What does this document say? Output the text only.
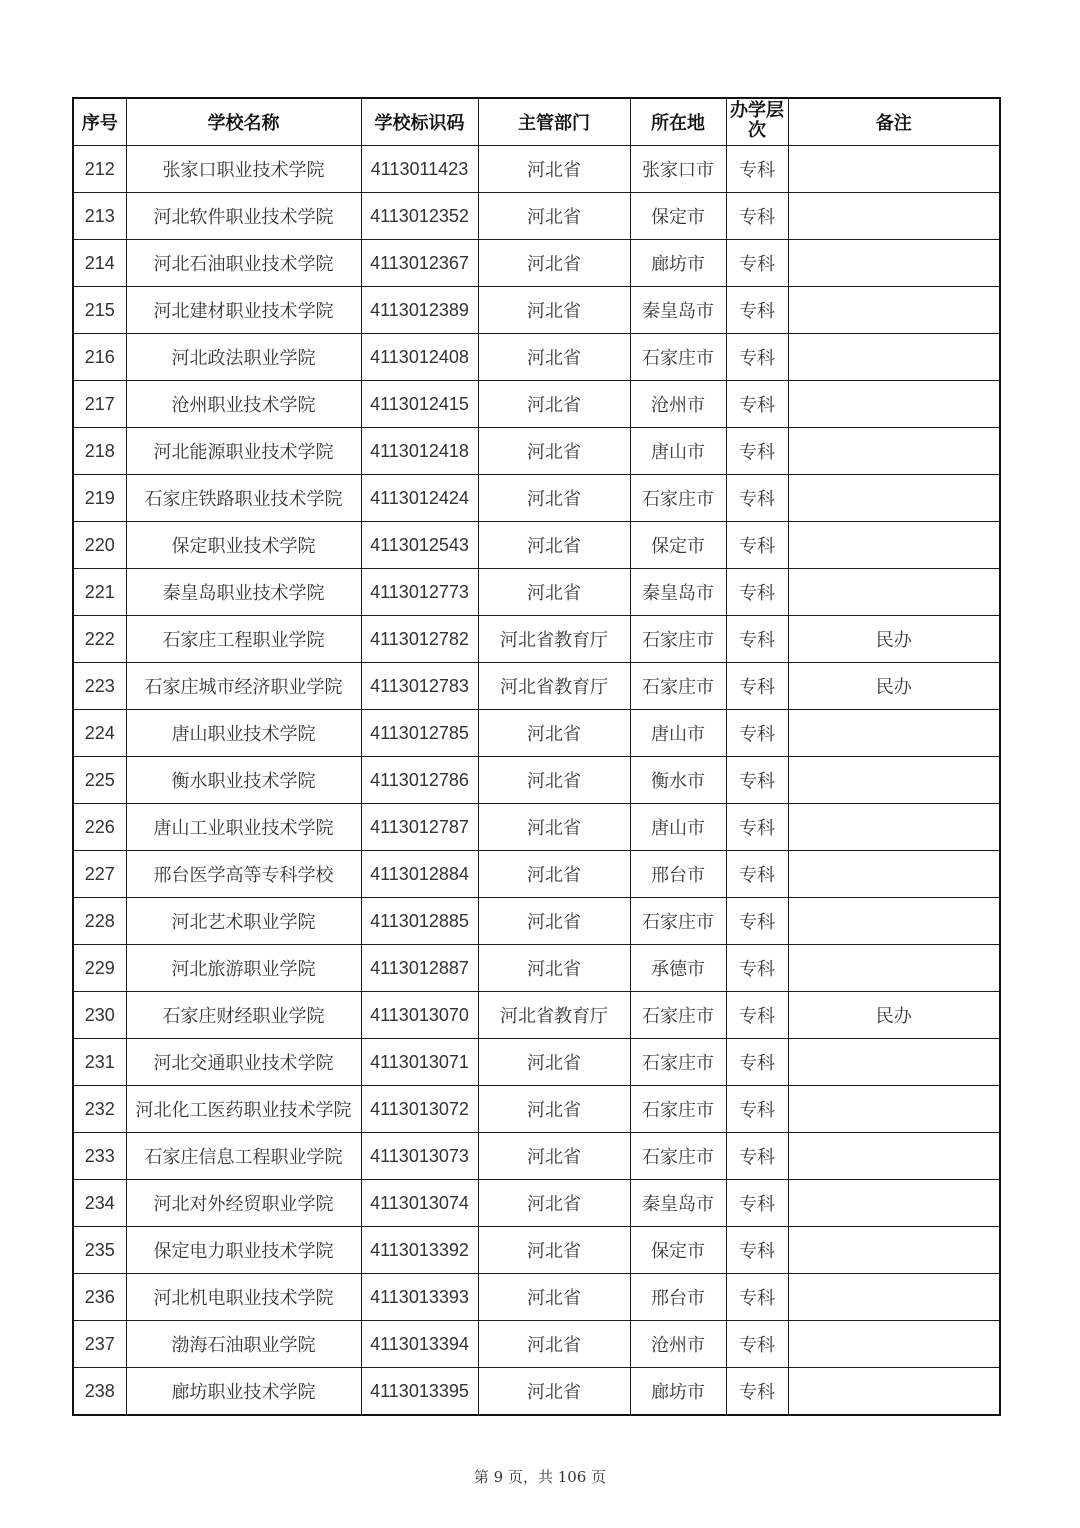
序号	学校名称	学校标识码	主管部门	所在地	办学层次	备注
212	张家口职业技术学院	4113011423	河北省	张家口市	专科	
213	河北软件职业技术学院	4113012352	河北省	保定市	专科	
214	河北石油职业技术学院	4113012367	河北省	廊坊市	专科	
215	河北建材职业技术学院	4113012389	河北省	秦皇岛市	专科	
216	河北政法职业学院	4113012408	河北省	石家庄市	专科	
217	沧州职业技术学院	4113012415	河北省	沧州市	专科	
218	河北能源职业技术学院	4113012418	河北省	唐山市	专科	
219	石家庄铁路职业技术学院	4113012424	河北省	石家庄市	专科	
220	保定职业技术学院	4113012543	河北省	保定市	专科	
221	秦皇岛职业技术学院	4113012773	河北省	秦皇岛市	专科	
222	石家庄工程职业学院	4113012782	河北省教育厅	石家庄市	专科	民办
223	石家庄城市经济职业学院	4113012783	河北省教育厅	石家庄市	专科	民办
224	唐山职业技术学院	4113012785	河北省	唐山市	专科	
225	衡水职业技术学院	4113012786	河北省	衡水市	专科	
226	唐山工业职业技术学院	4113012787	河北省	唐山市	专科	
227	邢台医学高等专科学校	4113012884	河北省	邢台市	专科	
228	河北艺术职业学院	4113012885	河北省	石家庄市	专科	
229	河北旅游职业学院	4113012887	河北省	承德市	专科	
230	石家庄财经职业学院	4113013070	河北省教育厅	石家庄市	专科	民办
231	河北交通职业技术学院	4113013071	河北省	石家庄市	专科	
232	河北化工医药职业技术学院	4113013072	河北省	石家庄市	专科	
233	石家庄信息工程职业学院	4113013073	河北省	石家庄市	专科	
234	河北对外经贸职业学院	4113013074	河北省	秦皇岛市	专科	
235	保定电力职业技术学院	4113013392	河北省	保定市	专科	
236	河北机电职业技术学院	4113013393	河北省	邢台市	专科	
237	渤海石油职业学院	4113013394	河北省	沧州市	专科	
238	廊坊职业技术学院	4113013395	河北省	廊坊市	专科	
第 9 页，共 106 页
